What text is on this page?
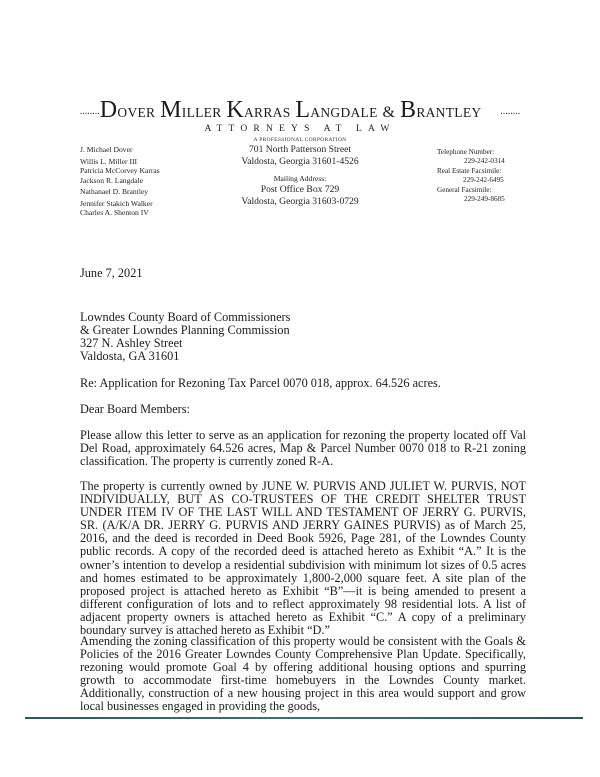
........DOVER MILLER KARRAS LANGDALE & BRANTLEY ........
ATTORNEYS AT LAW
A PROFESSIONAL CORPORATION
J. Michael Dover
Willis L. Miller III
Patricia McCorvey Karras
Jackson R. Langdale
Nathanael D. Brantley
Jennifer Stakich Walker
Charles A. Shenton IV
701 North Patterson Street
Valdosta, Georgia 31601-4526
Mailing Address:
Post Office Box 729
Valdosta, Georgia 31603-0729
Telephone Number:
229-242-0314
Real Estate Facsimile:
229-242-6495
General Facsimile:
229-249-8685
June 7, 2021
Lowndes County Board of Commissioners
& Greater Lowndes Planning Commission
327 N. Ashley Street
Valdosta, GA 31601
Re: Application for Rezoning Tax Parcel 0070 018, approx. 64.526 acres.
Dear Board Members:
Please allow this letter to serve as an application for rezoning the property located off Val Del Road, approximately 64.526 acres, Map & Parcel Number 0070 018 to R-21 zoning classification. The property is currently zoned R-A.
The property is currently owned by JUNE W. PURVIS AND JULIET W. PURVIS, NOT INDIVIDUALLY, BUT AS CO-TRUSTEES OF THE CREDIT SHELTER TRUST UNDER ITEM IV OF THE LAST WILL AND TESTAMENT OF JERRY G. PURVIS, SR. (A/K/A DR. JERRY G. PURVIS AND JERRY GAINES PURVIS) as of March 25, 2016, and the deed is recorded in Deed Book 5926, Page 281, of the Lowndes County public records. A copy of the recorded deed is attached hereto as Exhibit “A.” It is the owner’s intention to develop a residential subdivision with minimum lot sizes of 0.5 acres and homes estimated to be approximately 1,800-2,000 square feet. A site plan of the proposed project is attached hereto as Exhibit “B”—it is being amended to present a different configuration of lots and to reflect approximately 98 residential lots. A list of adjacent property owners is attached hereto as Exhibit “C.” A copy of a preliminary boundary survey is attached hereto as Exhibit “D.”
Amending the zoning classification of this property would be consistent with the Goals & Policies of the 2016 Greater Lowndes County Comprehensive Plan Update. Specifically, rezoning would promote Goal 4 by offering additional housing options and spurring growth to accommodate first-time homebuyers in the Lowndes County market. Additionally, construction of a new housing project in this area would support and grow local businesses engaged in providing the goods,
